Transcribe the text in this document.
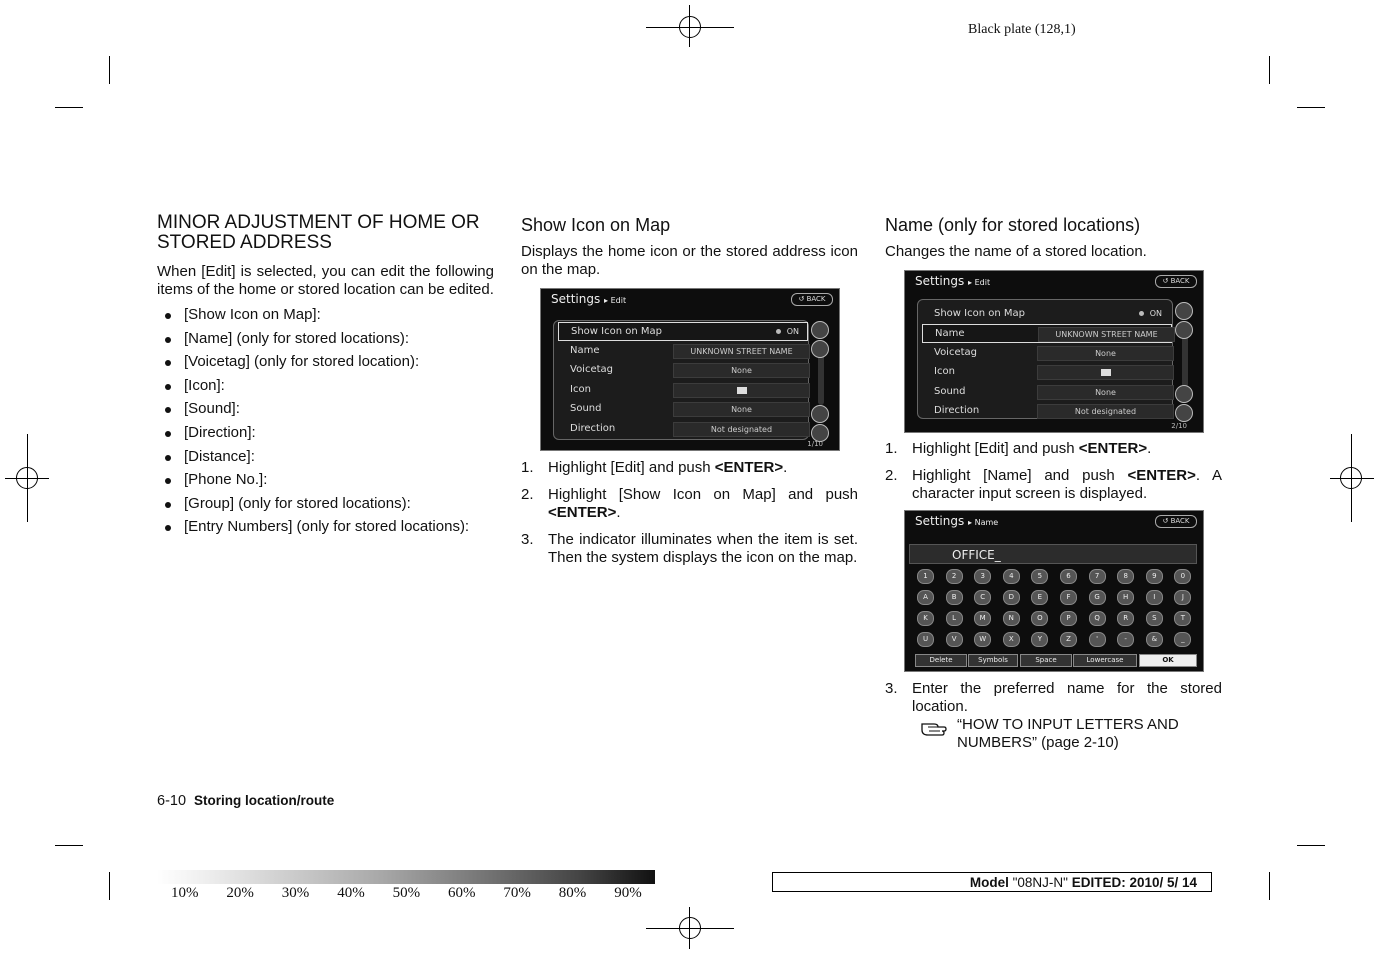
Black plate (128,1)
MINOR ADJUSTMENT OF HOME OR STORED ADDRESS

When [Edit] is selected, you can edit the following items of the home or stored location can be edited.

[Show Icon on Map]:
[Name] (only for stored locations):
[Voicetag] (only for stored location):
[Icon]:
[Sound]:
[Direction]:
[Distance]:
[Phone No.]:
[Group] (only for stored locations):
[Entry Numbers] (only for stored locations):
Show Icon on Map

Displays the home icon or the stored address icon on the map.

Settings ▸ Edit	↺ BACK
Show Icon on Map	ON
Name	UNKNOWN STREET NAME
Voicetag	None
Icon
Sound	None
Direction	Not designated
1/10
1. Highlight [Edit] and push <ENTER>.
2. Highlight [Show Icon on Map] and push <ENTER>.
3. The indicator illuminates when the item is set. Then the system displays the icon on the map.
Name (only for stored locations)

Changes the name of a stored location.

Settings ▸ Edit	↺ BACK
Show Icon on Map	ON
Name	UNKNOWN STREET NAME
Voicetag	None
Icon
Sound	None
Direction	Not designated
2/10
1. Highlight [Edit] and push <ENTER>.
2. Highlight [Name] and push <ENTER>. A character input screen is displayed.
Settings ▸ Name	↺ BACK
OFFICE_
1	2	3	4	5	6	7	8	9	0
A	B	C	D	E	F	G	H	I	J
K	L	M	N	O	P	Q	R	S	T
U	V	W	X	Y	Z	'	-	&	_
Delete	Symbols	Space	Lowercase	OK
3. Enter the preferred name for the stored location.
“HOW TO INPUT LETTERS AND NUMBERS” (page 2-10)
6-10 Storing location/route
10% 20% 30% 40% 50% 60% 70% 80% 90%
Model "08NJ-N" EDITED: 2010/ 5/ 14
